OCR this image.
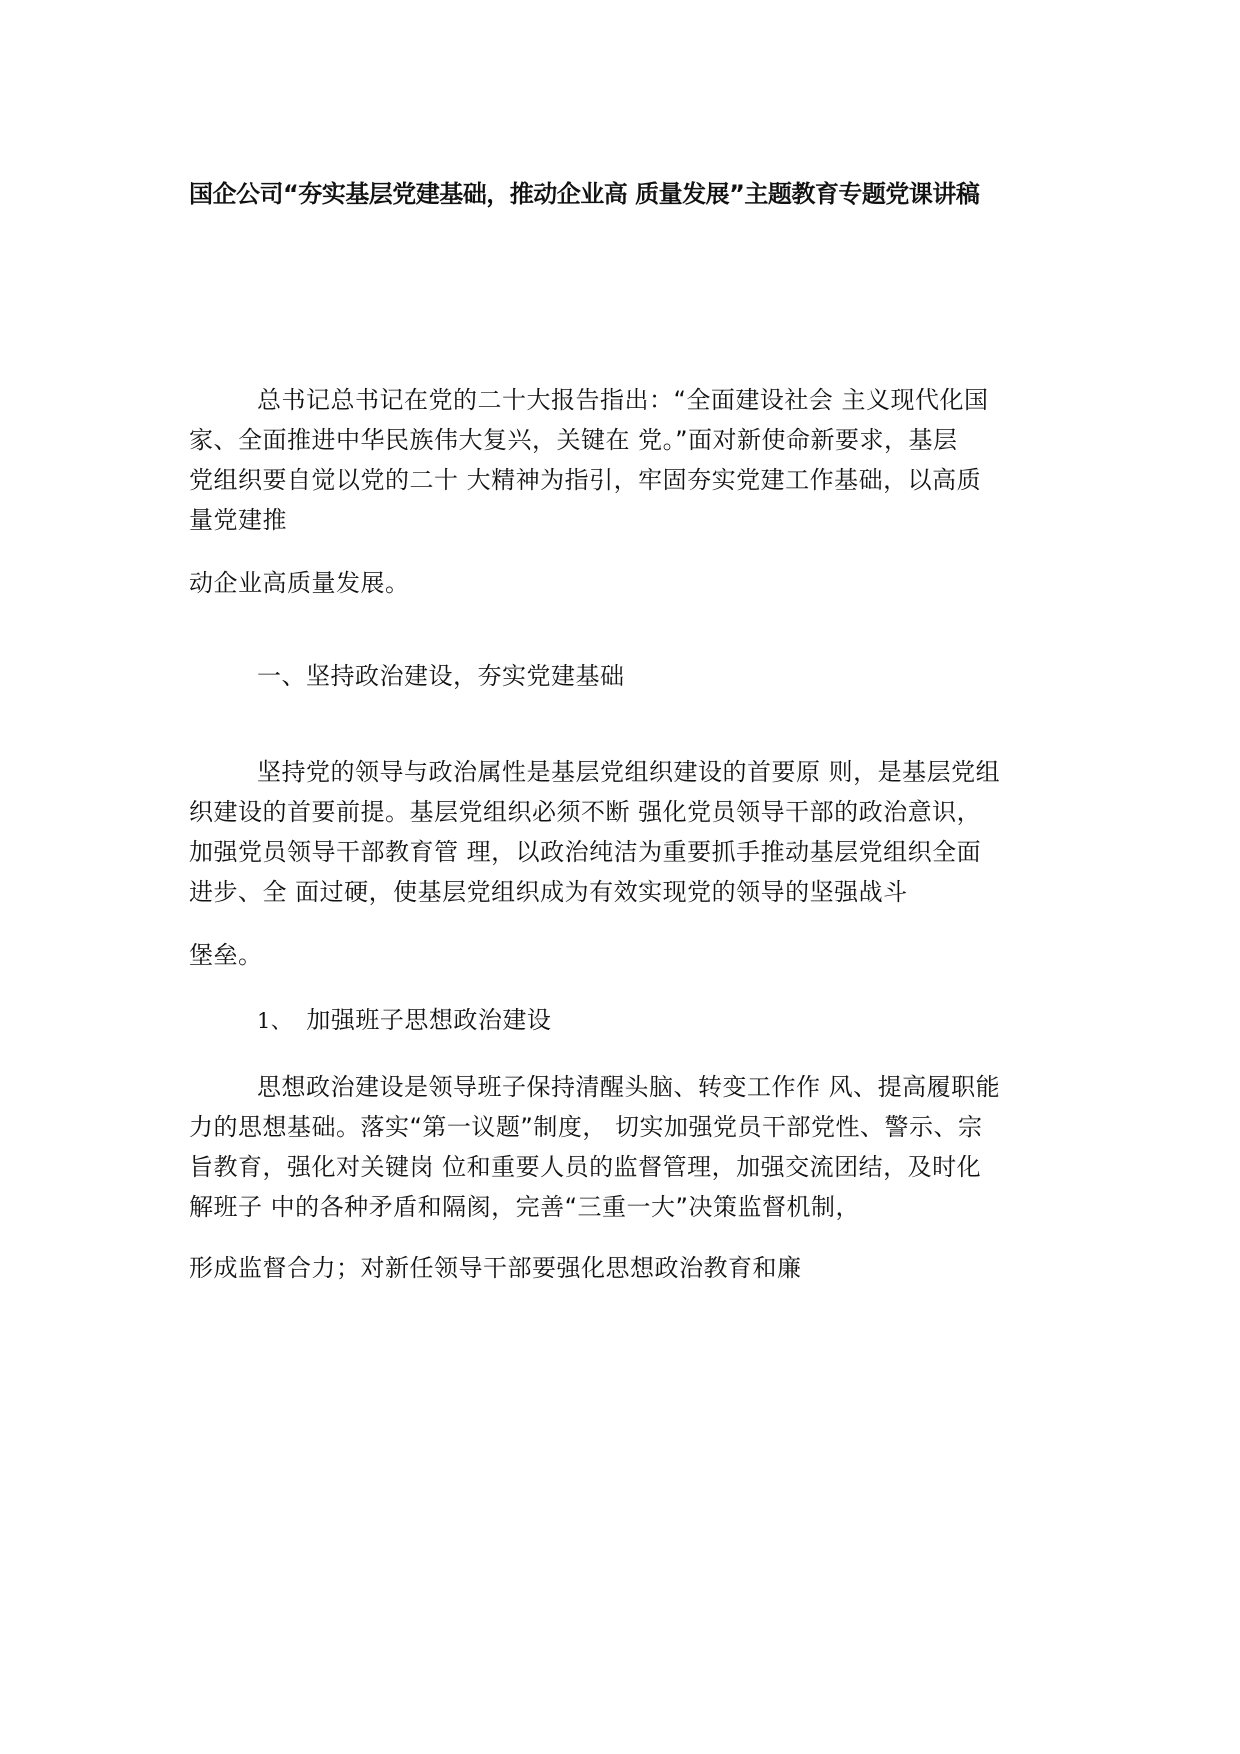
国企公司“夯实基层党建基础，推动企业高 质量发展”主题教育专题党课讲稿

总书记总书记在党的二十大报告指出：“全面建设社会 主义现代化国
家、全面推进中华民族伟大复兴，关键在 党。”面对新使命新要求，基层
党组织要自觉以党的二十 大精神为指引，牢固夯实党建工作基础，以高质
量党建推

动企业高质量发展。

一、坚持政治建设，夯实党建基础

坚持党的领导与政治属性是基层党组织建设的首要原 则，是基层党组
织建设的首要前提。基层党组织必须不断 强化党员领导干部的政治意识，
加强党员领导干部教育管 理，以政治纯洁为重要抓手推动基层党组织全面
进步、全 面过硬，使基层党组织成为有效实现党的领导的坚强战斗

堡垒。

1、 加强班子思想政治建设

思想政治建设是领导班子保持清醒头脑、转变工作作 风、提高履职能
力的思想基础。落实“第一议题”制度， 切实加强党员干部党性、警示、宗
旨教育，强化对关键岗 位和重要人员的监督管理，加强交流团结，及时化
解班子 中的各种矛盾和隔阂，完善“三重一大”决策监督机制，

形成监督合力；对新任领导干部要强化思想政治教育和廉
